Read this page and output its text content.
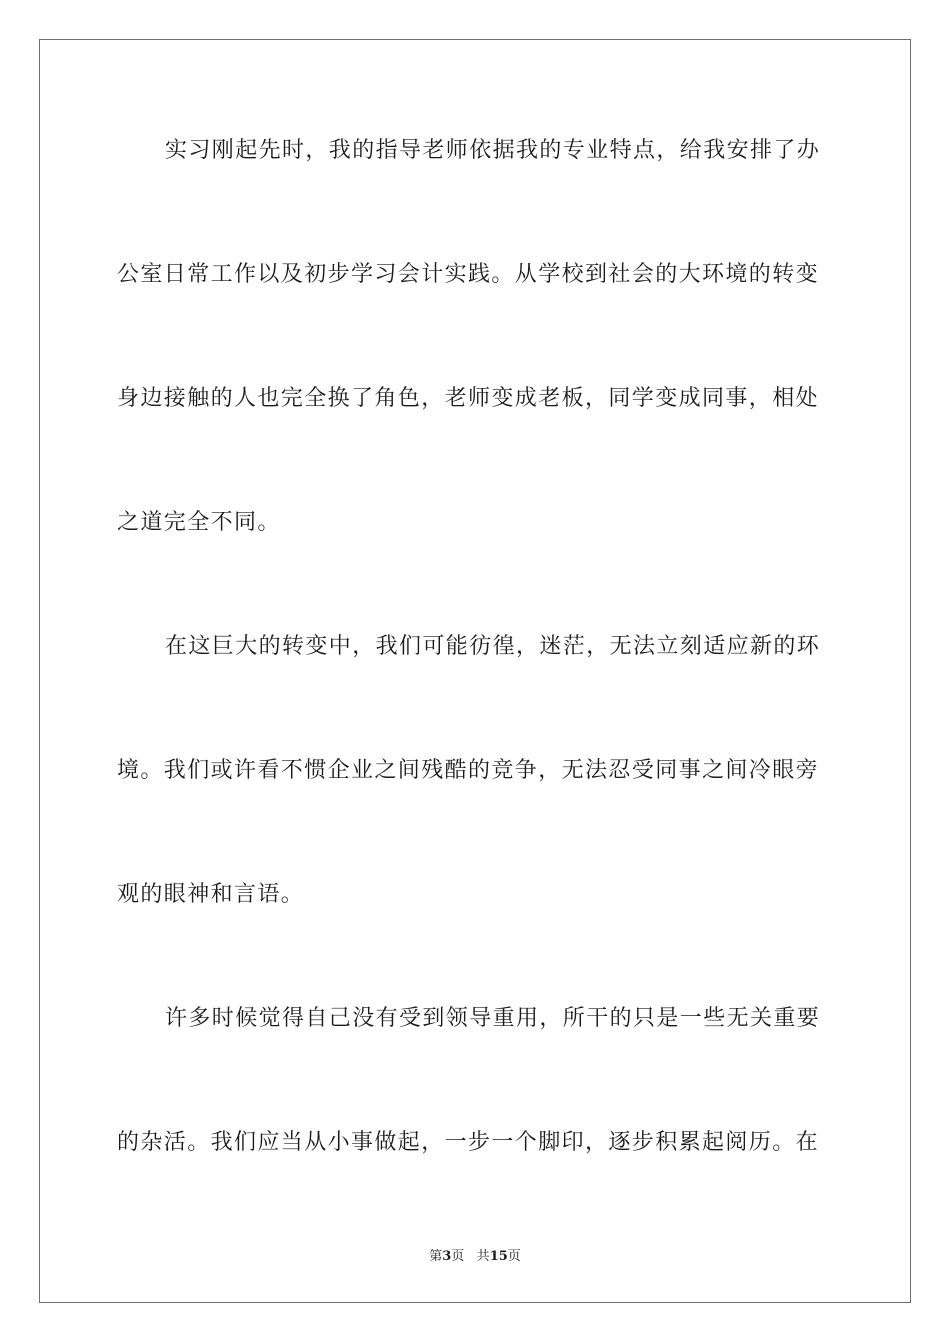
实习刚起先时，我的指导老师依据我的专业特点，给我安排了办
公室日常工作以及初步学习会计实践。从学校到社会的大环境的转变
身边接触的人也完全换了角色，老师变成老板，同学变成同事，相处
之道完全不同。
在这巨大的转变中，我们可能彷徨，迷茫，无法立刻适应新的环
境。我们或许看不惯企业之间残酷的竞争，无法忍受同事之间冷眼旁
观的眼神和言语。
许多时候觉得自己没有受到领导重用，所干的只是一些无关重要
的杂活。我们应当从小事做起，一步一个脚印，逐步积累起阅历。在
第3页 共15页
